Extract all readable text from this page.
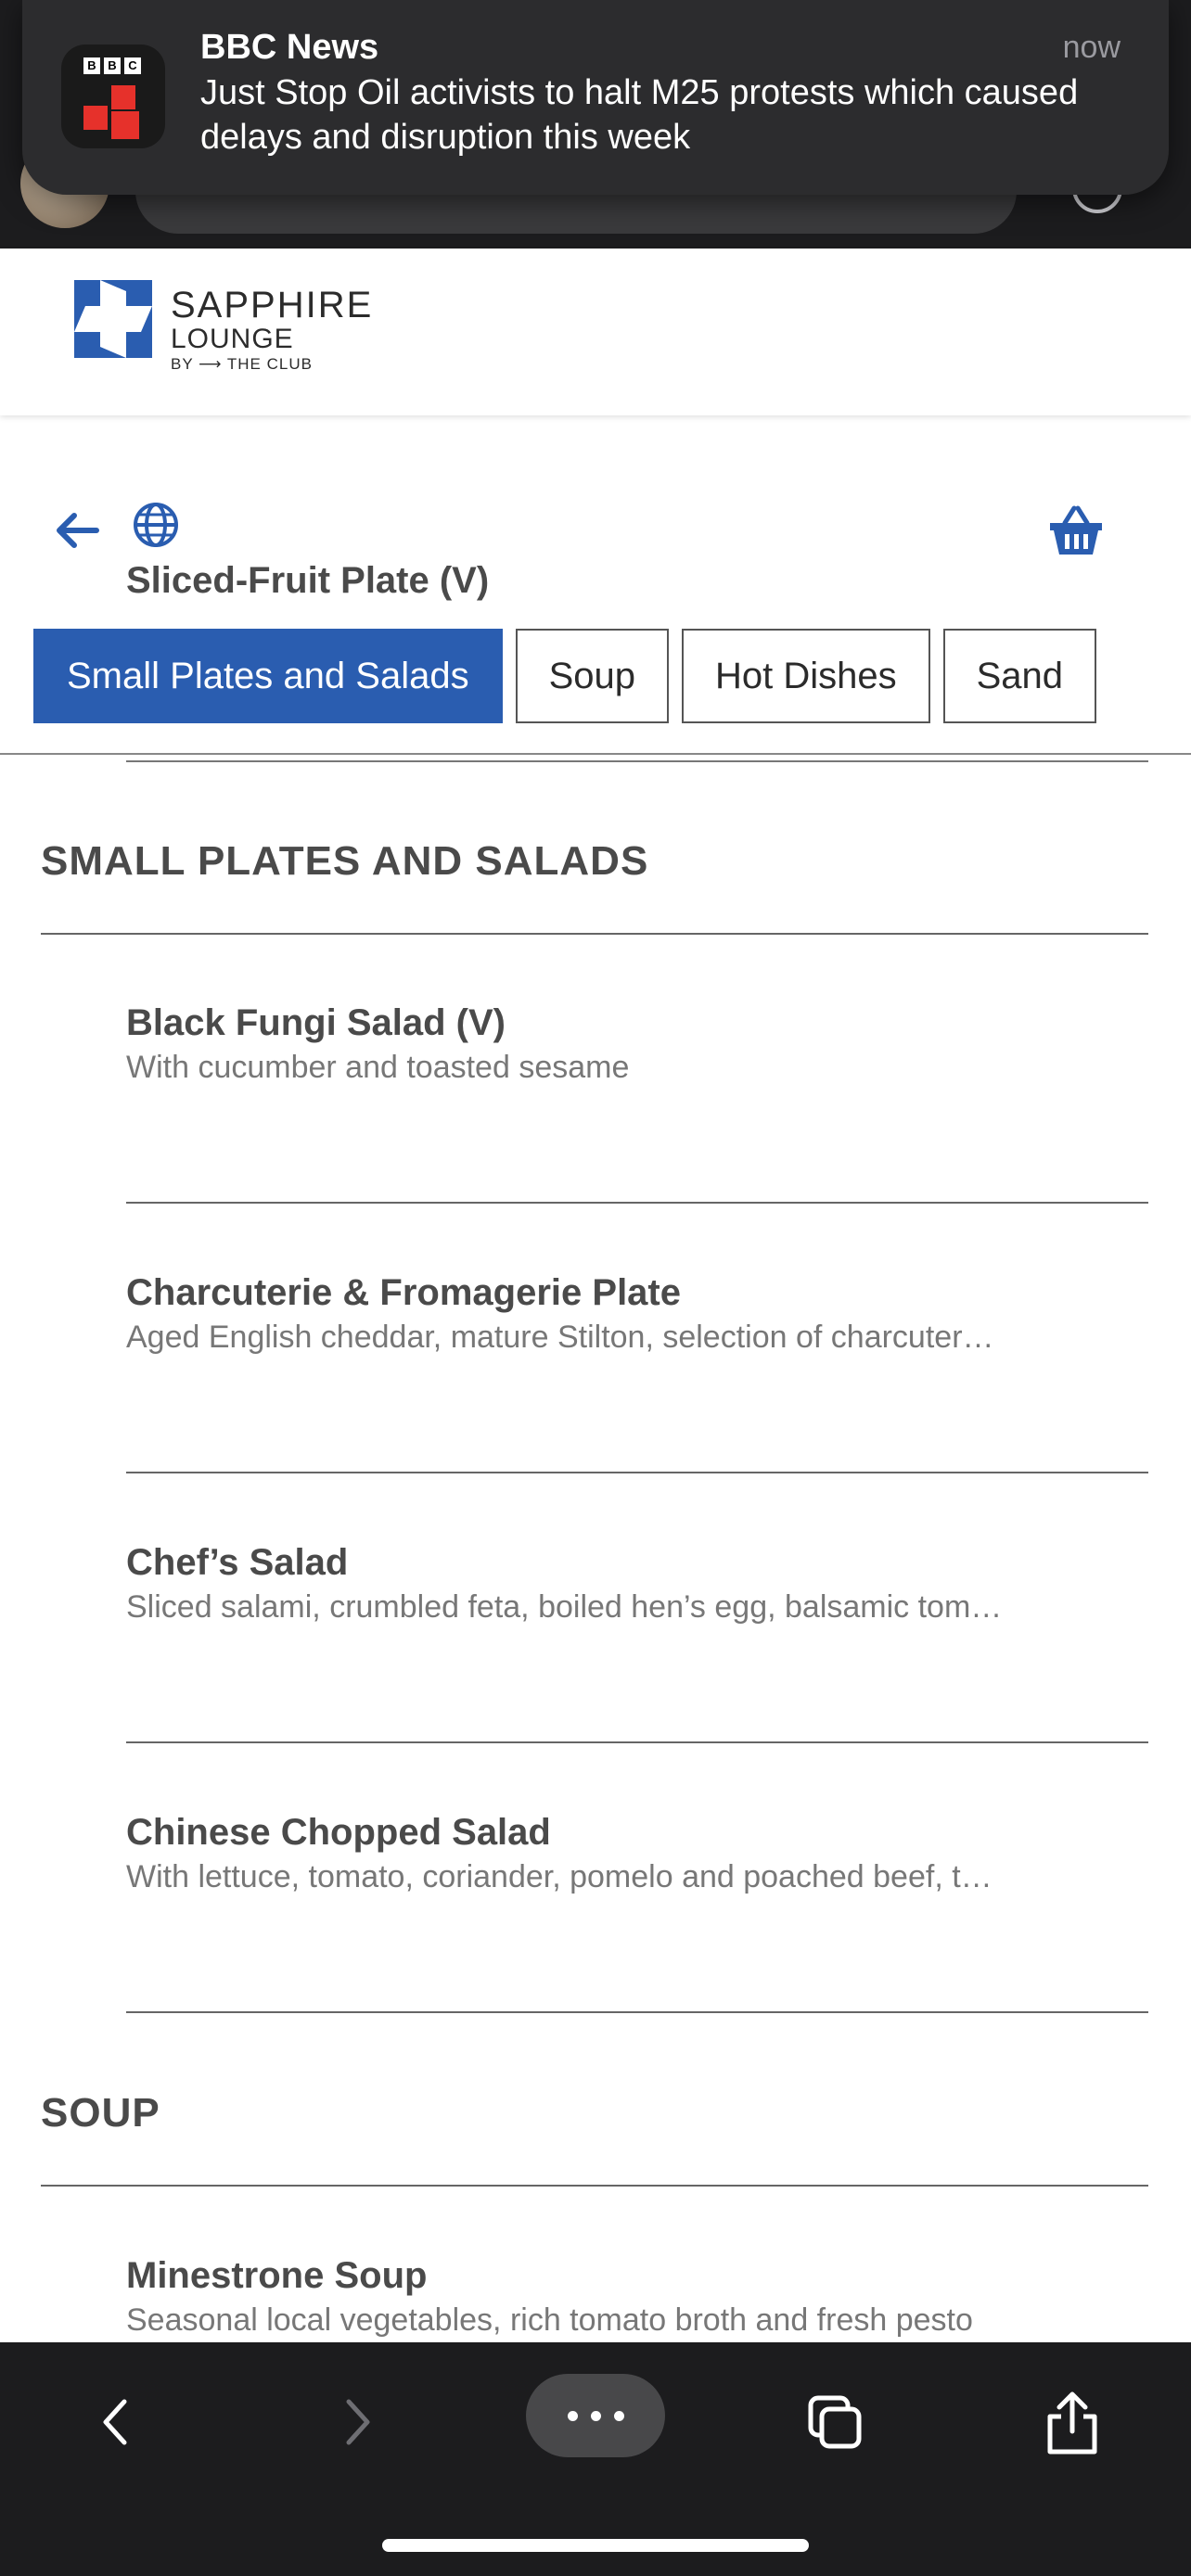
B B C BBC News	now
Just Stop Oil activists to halt M25 protests which caused delays and disruption this week
SAPPHIRE
LOUNGE
BY ⟶ THE CLUB
Sliced-Fruit Plate (V)
Small Plates and Salads	Soup	Hot Dishes	Sand
SMALL PLATES AND SALADS
Black Fungi Salad (V)
With cucumber and toasted sesame
Charcuterie & Fromagerie Plate
Aged English cheddar, mature Stilton, selection of charcuter…
Chef’s Salad
Sliced salami, crumbled feta, boiled hen’s egg, balsamic tom…
Chinese Chopped Salad
With lettuce, tomato, coriander, pomelo and poached beef, t…
SOUP
Minestrone Soup
Seasonal local vegetables, rich tomato broth and fresh pesto
